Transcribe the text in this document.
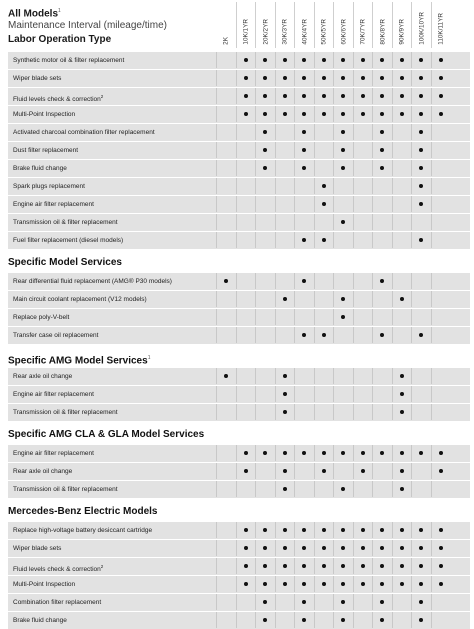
All Models$^1$
Maintenance Interval (mileage/time)
Labor Operation Type	2K 10K/1YR 20K/2YR 30K/3YR 40K/4YR 50K/5YR 60K/6YR 70K/7YR 80K/8YR 90K/9YR 100K/10YR 110K/11YR
Synthetic motor oil & filter replacement
Wiper blade sets
Fluid levels check & correction$^2$
Multi-Point Inspection
Activated charcoal combination filter replacement
Dust filter replacement
Brake fluid change
Spark plugs replacement
Engine air filter replacement
Transmission oil & filter replacement
Fuel filter replacement (diesel models)
Specific Model Services
Rear differential fluid replacement (AMG® P30 models)
Main circuit coolant replacement (V12 models)
Replace poly-V-belt
Transfer case oil replacement
Specific AMG Model Services$^1$
Rear axle oil change
Engine air filter replacement
Transmission oil & filter replacement
Specific AMG CLA & GLA Model Services
Engine air filter replacement
Rear axle oil change
Transmission oil & filter replacement
Mercedes-Benz Electric Models
Replace high-voltage battery desiccant cartridge
Wiper blade sets
Fluid levels check & correction$^2$
Multi-Point Inspection
Combination filter replacement
Brake fluid change
